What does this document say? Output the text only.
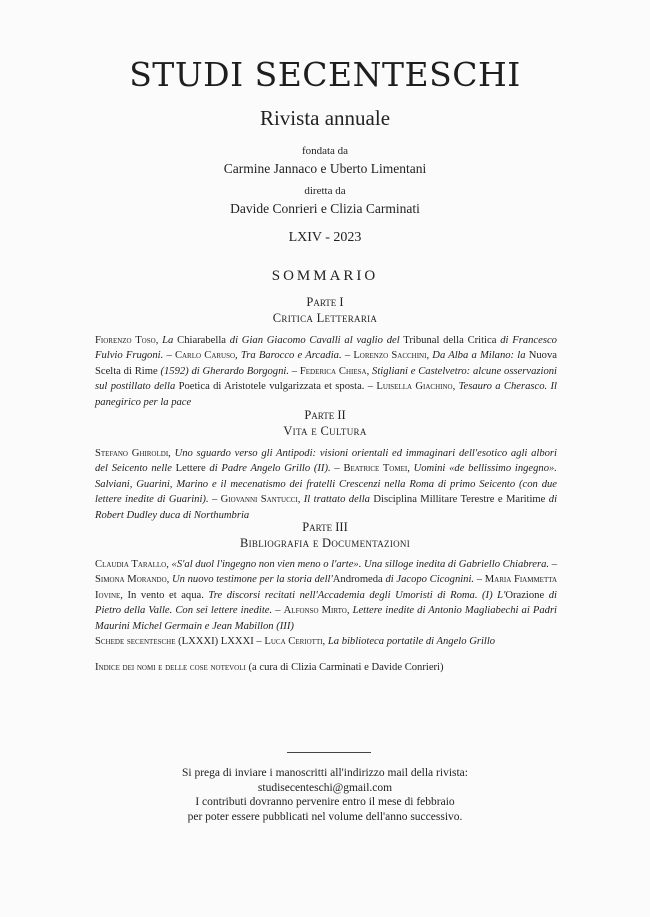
STUDI SECENTESCHI
Rivista annuale
fondata da
Carmine Jannaco e Uberto Limentani
diretta da
Davide Conrieri e Clizia Carminati
LXIV - 2023
SOMMARIO
Parte I
Critica Letteraria
Fiorenzo Toso, La Chiarabella di Gian Giacomo Cavalli al vaglio del Tribunal della Critica di Francesco Fulvio Frugoni. – Carlo Caruso, Tra Barocco e Arcadia. – Lorenzo Sacchini, Da Alba a Milano: la Nuova Scelta di Rime (1592) di Gherardo Borgogni. – Federica Chiesa, Stigliani e Castelvetro: alcune osservazioni sul postillato della Poetica di Aristotele vulgarizzata et sposta. – Luisella Giachino, Tesauro a Cherasco. Il panegirico per la pace
Parte II
Vita e Cultura
Stefano Ghiroldi, Uno sguardo verso gli Antipodi: visioni orientali ed immaginari dell'esotico agli albori del Seicento nelle Lettere di Padre Angelo Grillo (II). – Beatrice Tomei, Uomini «de bellissimo ingegno». Salviani, Guarini, Marino e il mecenatismo dei fratelli Crescenzi nella Roma di primo Seicento (con due lettere inedite di Guarini). – Giovanni Santucci, Il trattato della Disciplina Millitare Terestre e Maritime di Robert Dudley duca di Northumbria
Parte III
Bibliografia e Documentazioni
Claudia Tarallo, «S'al duol l'ingegno non vien meno o l'arte». Una silloge inedita di Gabriello Chiabrera. – Simona Morando, Un nuovo testimone per la storia dell'Andromeda di Jacopo Cicognini. – Maria Fiammetta Iovine, In vento et aqua. Tre discorsi recitati nell'Accademia degli Umoristi di Roma. (I) L'Orazione di Pietro della Valle. Con sei lettere inedite. – Alfonso Mirto, Lettere inedite di Antonio Magliabechi ai Padri Maurini Michel Germain e Jean Mabillon (III)
Schede secentesche (LXXXI) LXXXI – Luca Ceriotti, La biblioteca portatile di Angelo Grillo
Indice dei nomi e delle cose notevoli (a cura di Clizia Carminati e Davide Conrieri)
Si prega di inviare i manoscritti all'indirizzo mail della rivista:
studisecenteschi@gmail.com
I contributi dovranno pervenire entro il mese di febbraio
per poter essere pubblicati nel volume dell'anno successivo.
